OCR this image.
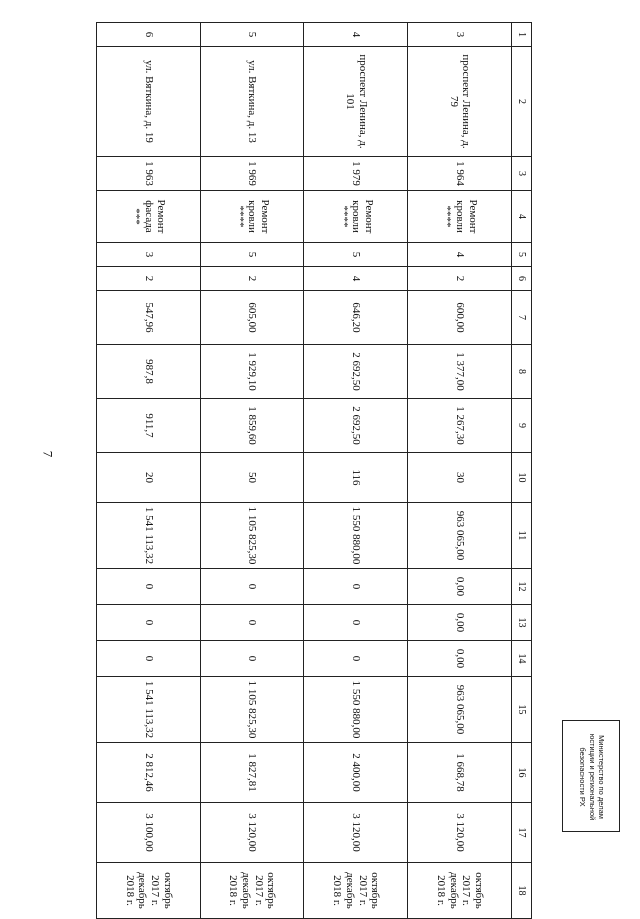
7
1	2	3	4	5	6	7	8	9	10	11	12	13	14	15	16	17	18
3	проспект Ленина, д. 79	1 964	Ремонт кровли ****	4	2	600,00	1 377,00	1 267,30	30	963 065,00	0,00	0,00	0,00	963 065,00	1 668,78	3 120,00	октябрь 2017 г. декабрь 2018 г.
4	проспект Ленина, д. 101	1 979	Ремонт кровли ****	5	4	646,20	2 692,50	2 692,50	116	1 550 880,00	0	0	0	1 550 880,00	2 400,00	3 120,00	октябрь 2017 г. декабрь 2018 г.
5	ул. Вяткина, д. 13	1 969	Ремонт кровли ****	5	2	605,00	1 929,10	1 859,60	50	1 105 825,30	0	0	0	1 105 825,30	1 827,81	3 120,00	октябрь 2017 г. декабрь 2018 г.
6	ул. Вяткина, д. 19	1 963	Ремонт фасада ***	3	2	547,96	987,8	911,7	20	1 541 113,32	0	0	0	1 541 113,32	2 812,46	3 100,00	октябрь 2017 г. декабрь 2018 г.
Министерство по делам юстиции и региональной безопасности РХ
